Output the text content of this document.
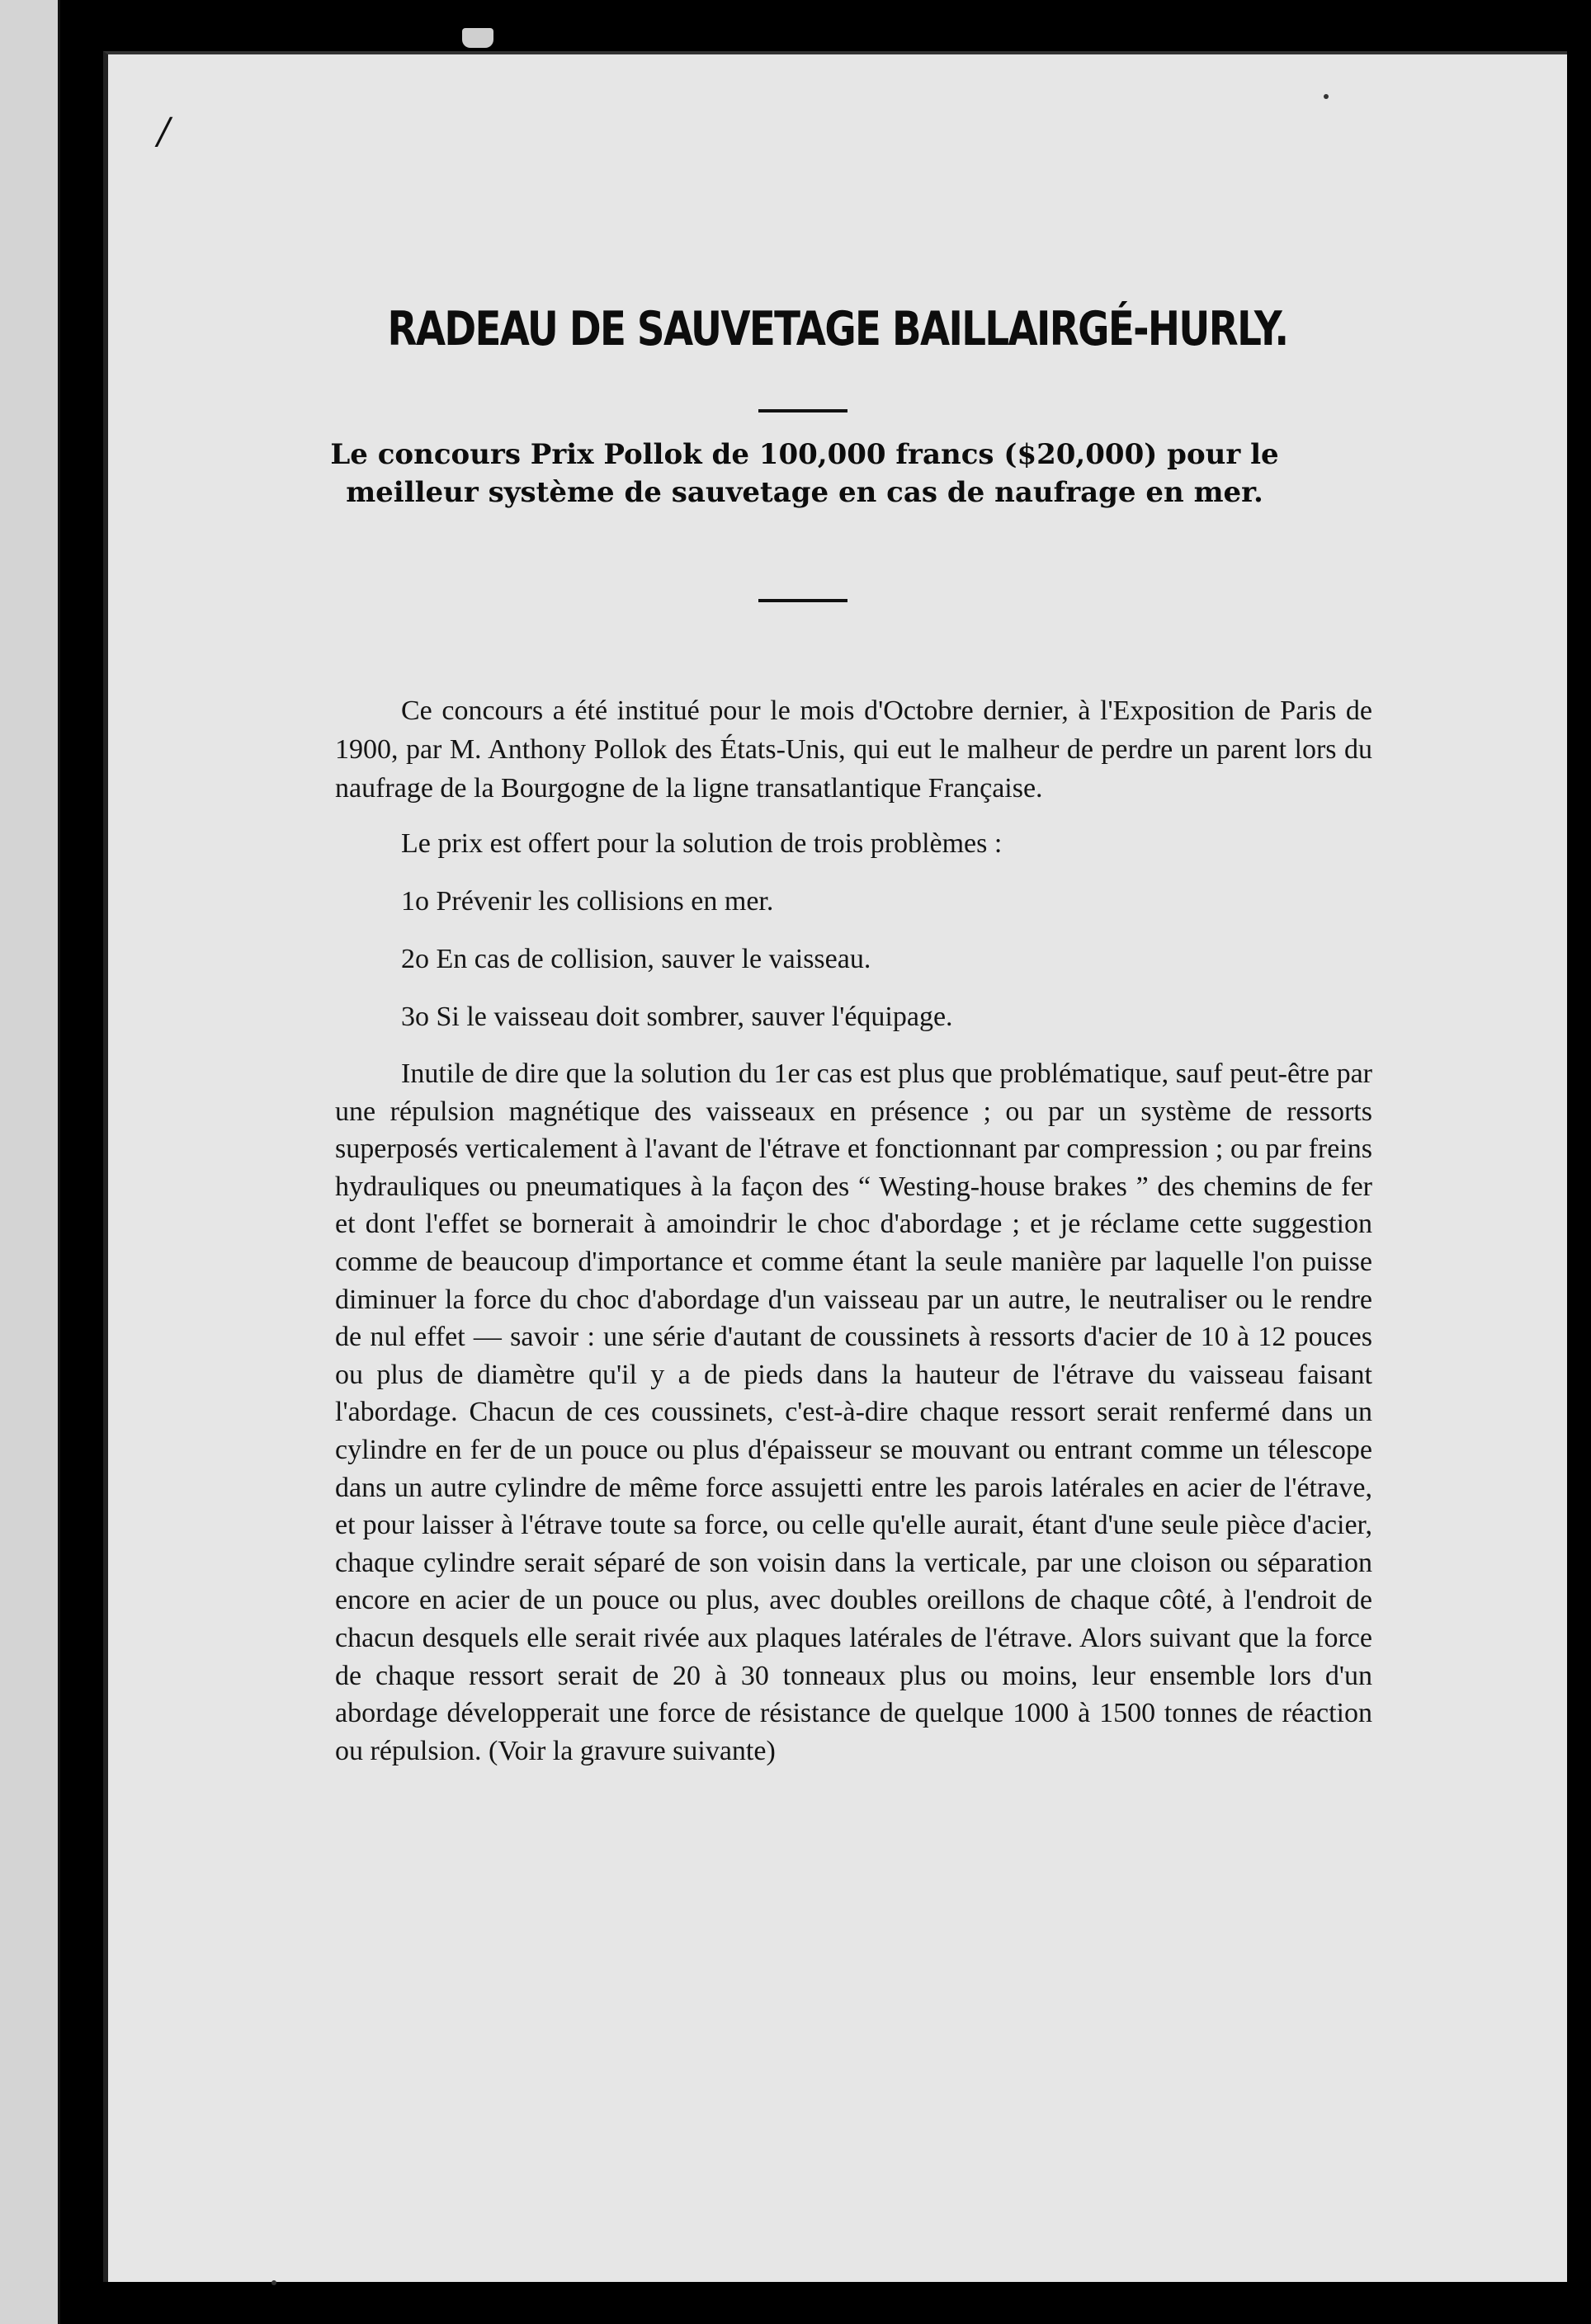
/

RADEAU DE SAUVETAGE BAILLAIRGÉ-HURLY.

Le concours Prix Pollok de 100,000 francs ($20,000) pour le meilleur système de sauvetage en cas de naufrage en mer.

Ce concours a été institué pour le mois d'Octobre dernier, à l'Exposition de Paris de 1900, par M. Anthony Pollok des États-Unis, qui eut le malheur de perdre un parent lors du naufrage de la Bourgogne de la ligne transatlantique Française.

Le prix est offert pour la solution de trois problèmes :

1o Prévenir les collisions en mer.

2o En cas de collision, sauver le vaisseau.

3o Si le vaisseau doit sombrer, sauver l'équipage.

Inutile de dire que la solution du 1er cas est plus que problématique, sauf peut-être par une répulsion magnétique des vaisseaux en présence ; ou par un système de ressorts superposés verticalement à l'avant de l'étrave et fonctionnant par compression ; ou par freins hydrauliques ou pneumatiques à la façon des “ Westing-house brakes ” des chemins de fer et dont l'effet se bornerait à amoindrir le choc d'abordage ; et je réclame cette suggestion comme de beaucoup d'importance et comme étant la seule manière par laquelle l'on puisse diminuer la force du choc d'abordage d'un vaisseau par un autre, le neutraliser ou le rendre de nul effet — savoir : une série d'autant de coussinets à ressorts d'acier de 10 à 12 pouces ou plus de diamètre qu'il y a de pieds dans la hauteur de l'étrave du vaisseau faisant l'abordage. Chacun de ces coussinets, c'est-à-dire chaque ressort serait renfermé dans un cylindre en fer de un pouce ou plus d'épaisseur se mouvant ou entrant comme un télescope dans un autre cylindre de même force assujetti entre les parois latérales en acier de l'étrave, et pour laisser à l'étrave toute sa force, ou celle qu'elle aurait, étant d'une seule pièce d'acier, chaque cylindre serait séparé de son voisin dans la verticale, par une cloison ou séparation encore en acier de un pouce ou plus, avec doubles oreillons de chaque côté, à l'endroit de chacun desquels elle serait rivée aux plaques latérales de l'étrave. Alors suivant que la force de chaque ressort serait de 20 à 30 tonneaux plus ou moins, leur ensemble lors d'un abordage développerait une force de résistance de quelque 1000 à 1500 tonnes de réaction ou répulsion. (Voir la gravure suivante)
